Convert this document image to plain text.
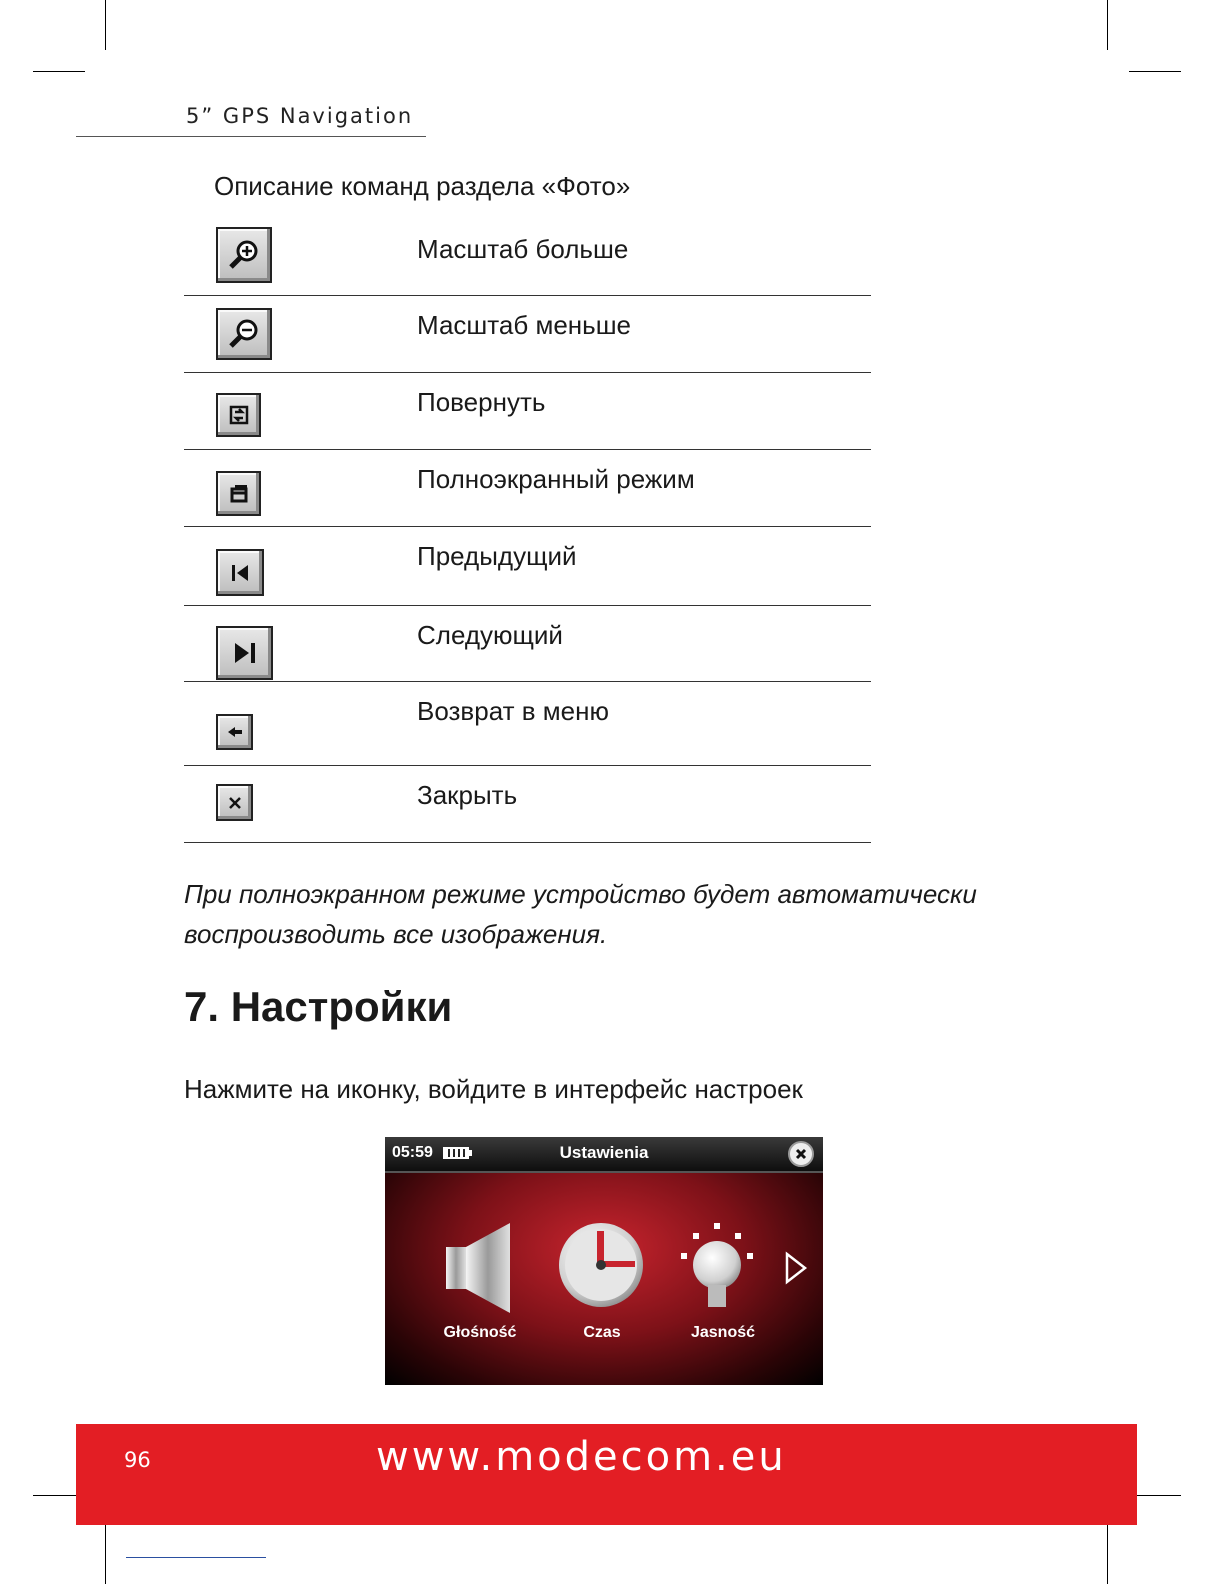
5” GPS Navigation
Описание команд раздела «Фото»
Масштаб больше
Масштаб меньше
Повернуть
Полноэкранный режим
Предыдущий
Следующий
Возврат в меню
Закрыть
При полноэкранном режиме устройство будет автоматически воспроизводить все изображения.
7. Настройки
Нажмите на иконку, войдите в интерфейс настроек
05:59	Ustawienia
Głośność	Czas	Jasność
96	www.modecom.eu
